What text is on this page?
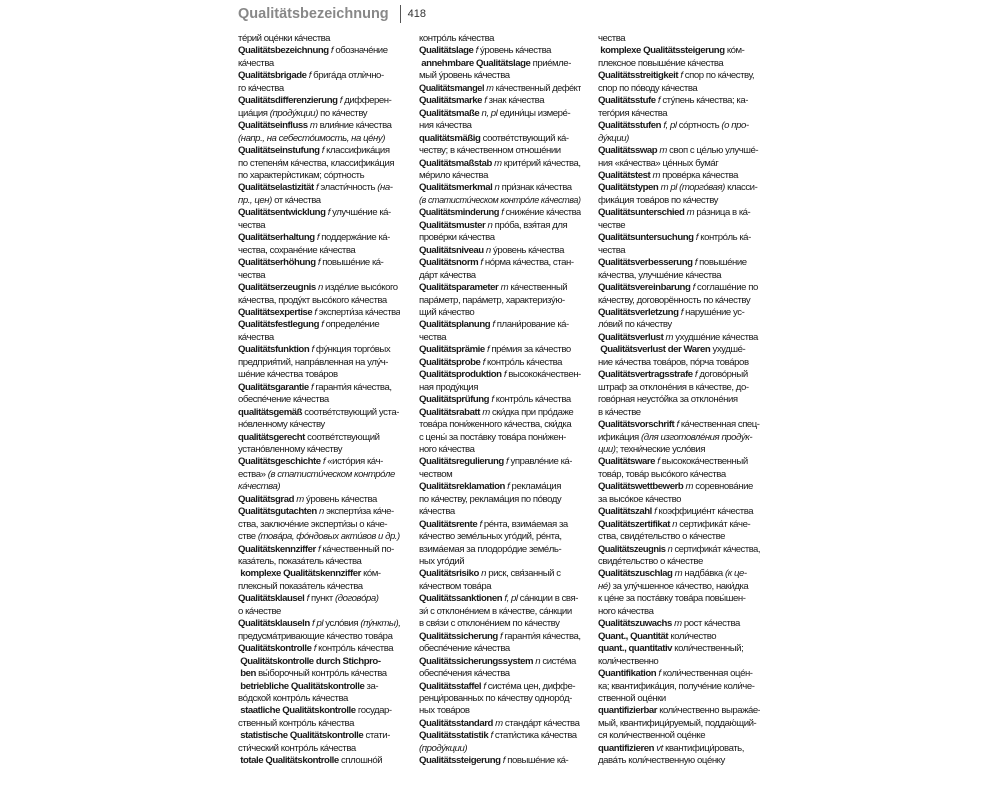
Qualitätsbezeichnung 418
тéрий оцéнки кáчества
Qualitätsbezeichnung f обозначéние
кáчества
Qualitätsbrigade f бригáда отлѝчно-
го кáчества
Qualitätsdifferenzierung f дифферен-
циáция (продýкции) по кáчеству
Qualitätseinfluss m влия́ние кáчества
(напр., на себестóимость, на цéну)
Qualitätseinstufung f классифика́ция
по степеня́м кáчества, классифика́ция
по характерѝстикам; сóртность
Qualitätselastizität f эласти́чность (на-
пр., цен) от кáчества
Qualitätsentwicklung f улучшéние кá-
чества
Qualitätserhaltung f поддержáние кá-
чества, сохранéние кáчества
Qualitätserhöhung f повышéние кá-
чества
Qualitätserzeugnis n издéлие высóкого
кáчества, продýкт высóкого кáчества
Qualitätsexpertise f эксперти́за кáчества
Qualitätsfestlegung f определéние
кáчества
Qualitätsfunktion f фýнкция торгóвых
предприя́тий, напрáвленная на улу́ч-
шéние кáчества товáров
Qualitätsgarantie f гаранти́я кáчества,
обеспéчение кáчества
qualitätsgemäß соотвéтствующий уста-
нóвленному кáчеству
qualitätsgerecht соотвéтствующий
устанóвленному кáчеству
Qualitätsgeschichte f «истóрия кáч-
ества» (в статисти́ческом контрóле
кáчества)
Qualitätsgrad m ýровень кáчества
Qualitätsgutachten n эксперти́за кáче-
ства, заключéние эксперти́зы о кáче-
стве (товáра, фóндовых акти́вов и др.)
Qualitätskennziffer f кáчественный по-
казáтель, показáтель кáчества
komplexe Qualitätskennziffer кóм-
плексный показáтель кáчества
Qualitätsklausel f пункт (договóра)
о кáчестве
Qualitätsklauseln f pl услóвия (пýнкты),
предусмáтривающие кáчество товáра
Qualitätskontrolle f контрóль кáчества
Qualitätskontrolle durch Stichpro-
ben вы́борочный контрóль кáчества
betriebliche Qualitätskontrolle за-
вóдской контрóль кáчества
staatliche Qualitätskontrolle государ-
ственный контрóль кáчества
statistische Qualitätskontrolle стати-
сти́ческий контрóль кáчества
totale Qualitätskontrolle сплошнóй
контрóль кáчества
Qualitätslage f ýровень кáчества
annehmbare Qualitätslage приéмле-
мый ýровень кáчества
Qualitätsmangel m кáчественный дефéкт
Qualitätsmarke f знак кáчества
Qualitätsmaße n, pl едини́цы измерé-
ния кáчества
qualitätsmäßig соотвéтствующий кá-
честву; в кáчественном отношéнии
Qualitätsmaßstab m критéрий кáчества,
мéрило кáчества
Qualitätsmerkmal n при́знак кáчества
(в статисти́ческом контрóле кáчества)
Qualitätsminderung f снижéние кáчества
Qualitätsmuster n прóба, взя́тая для
провéрки кáчества
Qualitätsniveau n ýровень кáчества
Qualitätsnorm f нóрма кáчества, стан-
дáрт кáчества
Qualitätsparameter m кáчественный
парáметр, парáметр, характеризýю-
щий кáчество
Qualitätsplanung f плани́рование кá-
чества
Qualitätsprämie f прéмия за кáчество
Qualitätsprobe f контрóль кáчества
Qualitätsproduktion f высококáчествен-
ная продýкция
Qualitätsprüfung f контрóль кáчества
Qualitätsrabatt m ски́дка при прóдаже
товáра пони́женного кáчества, ски́дка
с цены́ за постáвку товáра пони́жен-
ного кáчества
Qualitätsregulierung f управлéние кá-
чеством
Qualitätsreklamation f реклама́ция
по кáчеству, реклама́ция по пóводу
кáчества
Qualitätsrente f рéнта, взимáемая за
кáчество земéльных угóдий, рéнта,
взимáемая за плодорóдие земéль-
ных угóдий
Qualitätsrisiko n риск, свя́занный с
кáчеством товáра
Qualitätssanktionen f, pl сáнкции в свя-
зи́ с отклонéнием в кáчестве, сáнкции
в свя́зи с отклонéнием по кáчеству
Qualitätssicherung f гаранти́я кáчества,
обеспéчение кáчества
Qualitätssicherungssystem n систéма
обеспéчения кáчества
Qualitätsstaffel f систéма цен, диффе-
ренци́рованных по кáчеству однорóд-
ных товáров
Qualitätsstandard m стандáрт кáчества
Qualitätsstatistik f стати́стика кáчества
(продýкции)
Qualitätssteigerung f повышéние кá-
чества
komplexe Qualitätssteigerung кóм-
плексное повышéние кáчества
Qualitätsstreitigkeit f спор по кáчеству,
спор по пóводу кáчества
Qualitätsstufe f стýпень кáчества; ка-
тегóрия кáчества
Qualitätsstufen f, pl сóртность (о про-
дýкции)
Qualitätsswap m своп с цéлью улучшé-
ния «кáчества» цéнных бумáг
Qualitätstest m провéрка кáчества
Qualitätstypen m pl (торгóвая) класси-
фика́ция товáров по кáчеству
Qualitätsunterschied m рáзница в кá-
честве
Qualitätsuntersuchung f контрóль кá-
чества
Qualitätsverbesserung f повышéние
кáчества, улучшéние кáчества
Qualitätsvereinbarung f соглашéние по
кáчеству, договорённость по кáчеству
Qualitätsverletzung f нарушéние ус-
лóвий по кáчеству
Qualitätsverlust m ухудшéние кáчества
Qualitätsverlust der Waren ухудшé-
ние кáчества товáров, пóрча товáров
Qualitätsvertragsstrafe f договóрный
штраф за отклонéния в кáчестве, до-
говóрная неусто́йка за отклонéния
в кáчестве
Qualitätsvorschrift f кáчественная спец-
ифика́ция (для изготовлéния продýк-
ции); техни́ческие услóвия
Qualitätsware f высококáчественный
товáр, товáр высóкого кáчества
Qualitätswettbewerb m соревновáние
за высóкое кáчество
Qualitätszahl f коэффициéнт кáчества
Qualitätszertifikat n сертифика́т кáче-
ства, свидéтельство о кáчестве
Qualitätszeugnis n сертифика́т кáчества,
свидéтельство о кáчестве
Qualitätszuschlag m надбáвка (к це-
нé) за улу́чшенное кáчество, наки́дка
к цéне за постáвку товáра повы́шен-
ного кáчества
Qualitätszuwachs m рост кáчества
Quant., Quantität коли́чество
quant., quantitativ коли́чественный;
коли́чественно
Quantifikation f коли́чественная оцéн-
ка; квантифика́ция, получéние коли́че-
ственной оцéнки
quantifizierbar коли́чественно выражáе-
мый, квантифици́руемый, поддаю́щий-
ся коли́чественной оцéнке
quantifizieren vt квантифици́ровать,
давáть коли́чественную оцéнку
